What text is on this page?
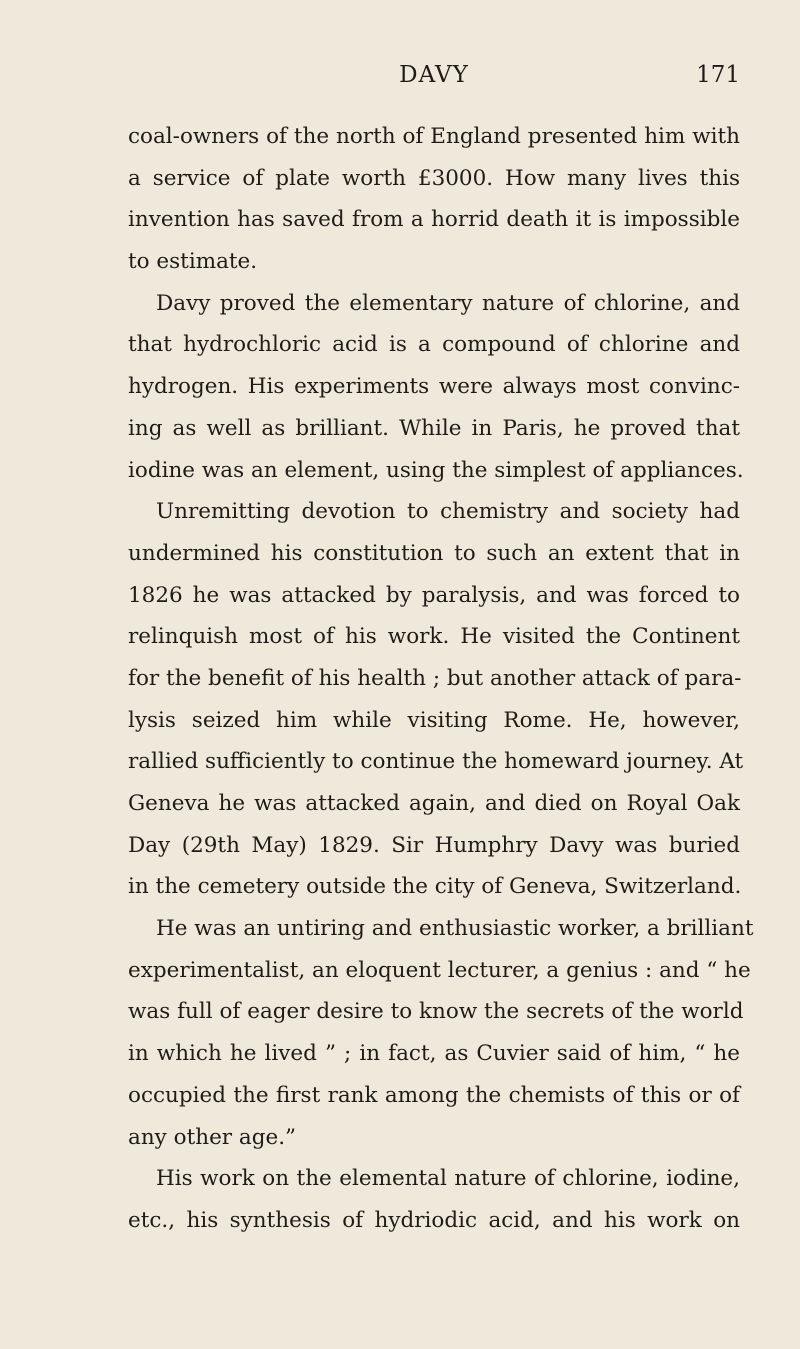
DAVY	171
coal-owners of the north of England presented him with
a service of plate worth £3000. How many lives this
invention has saved from a horrid death it is impossible
to estimate.
Davy proved the elementary nature of chlorine, and
that hydrochloric acid is a compound of chlorine and
hydrogen. His experiments were always most convinc-
ing as well as brilliant. While in Paris, he proved that
iodine was an element, using the simplest of appliances.
Unremitting devotion to chemistry and society had
undermined his constitution to such an extent that in
1826 he was attacked by paralysis, and was forced to
relinquish most of his work. He visited the Continent
for the benefit of his health ; but another attack of para-
lysis seized him while visiting Rome. He, however,
rallied sufficiently to continue the homeward journey. At
Geneva he was attacked again, and died on Royal Oak
Day (29th May) 1829. Sir Humphry Davy was buried
in the cemetery outside the city of Geneva, Switzerland.
He was an untiring and enthusiastic worker, a brilliant
experimentalist, an eloquent lecturer, a genius : and “ he
was full of eager desire to know the secrets of the world
in which he lived ” ; in fact, as Cuvier said of him, “ he
occupied the first rank among the chemists of this or of
any other age.”
His work on the elemental nature of chlorine, iodine,
etc., his synthesis of hydriodic acid, and his work on
